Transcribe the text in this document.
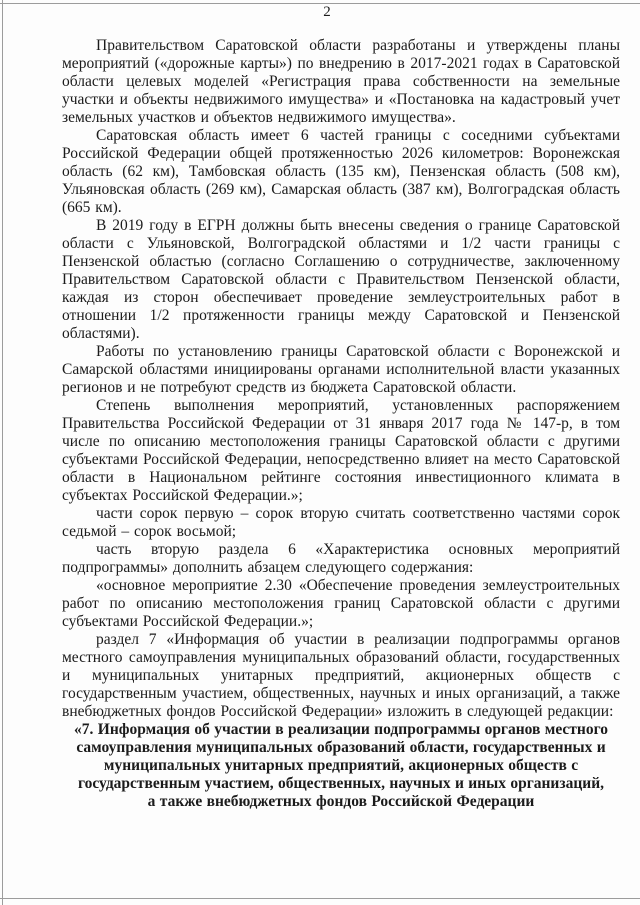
2

Правительством Саратовской области разработаны и утверждены планы мероприятий («дорожные карты») по внедрению в 2017-2021 годах в Саратовской области целевых моделей «Регистрация права собственности на земельные участки и объекты недвижимого имущества» и «Постановка на кадастровый учет земельных участков и объектов недвижимого имущества».

Саратовская область имеет 6 частей границы с соседними субъектами Российской Федерации общей протяженностью 2026 километров: Воронежская область (62 км), Тамбовская область (135 км), Пензенская область (508 км), Ульяновская область (269 км), Самарская область (387 км), Волгоградская область (665 км).

В 2019 году в ЕГРН должны быть внесены сведения о границе Саратовской области с Ульяновской, Волгоградской областями и 1/2 части границы с Пензенской областью (согласно Соглашению о сотрудничестве, заключенному Правительством Саратовской области с Правительством Пензенской области, каждая из сторон обеспечивает проведение землеустроительных работ в отношении 1/2 протяженности границы между Саратовской и Пензенской областями).

Работы по установлению границы Саратовской области с Воронежской и Самарской областями инициированы органами исполнительной власти указанных регионов и не потребуют средств из бюджета Саратовской области.

Степень выполнения мероприятий, установленных распоряжением Правительства Российской Федерации от 31 января 2017 года № 147-р, в том числе по описанию местоположения границы Саратовской области с другими субъектами Российской Федерации, непосредственно влияет на место Саратовской области в Национальном рейтинге состояния инвестиционного климата в субъектах Российской Федерации.»;

части сорок первую – сорок вторую считать соответственно частями сорок седьмой – сорок восьмой;

часть вторую раздела 6 «Характеристика основных мероприятий подпрограммы» дополнить абзацем следующего содержания:

«основное мероприятие 2.30 «Обеспечение проведения землеустроительных работ по описанию местоположения границ Саратовской области с другими субъектами Российской Федерации.»;

раздел 7 «Информация об участии в реализации подпрограммы органов местного самоуправления муниципальных образований области, государственных и муниципальных унитарных предприятий, акционерных обществ с государственным участием, общественных, научных и иных организаций, а также внебюджетных фондов Российской Федерации» изложить в следующей редакции:

«7. Информация об участии в реализации подпрограммы органов местного самоуправления муниципальных образований области, государственных и муниципальных унитарных предприятий, акционерных обществ с государственным участием, общественных, научных и иных организаций, а также внебюджетных фондов Российской Федерации
